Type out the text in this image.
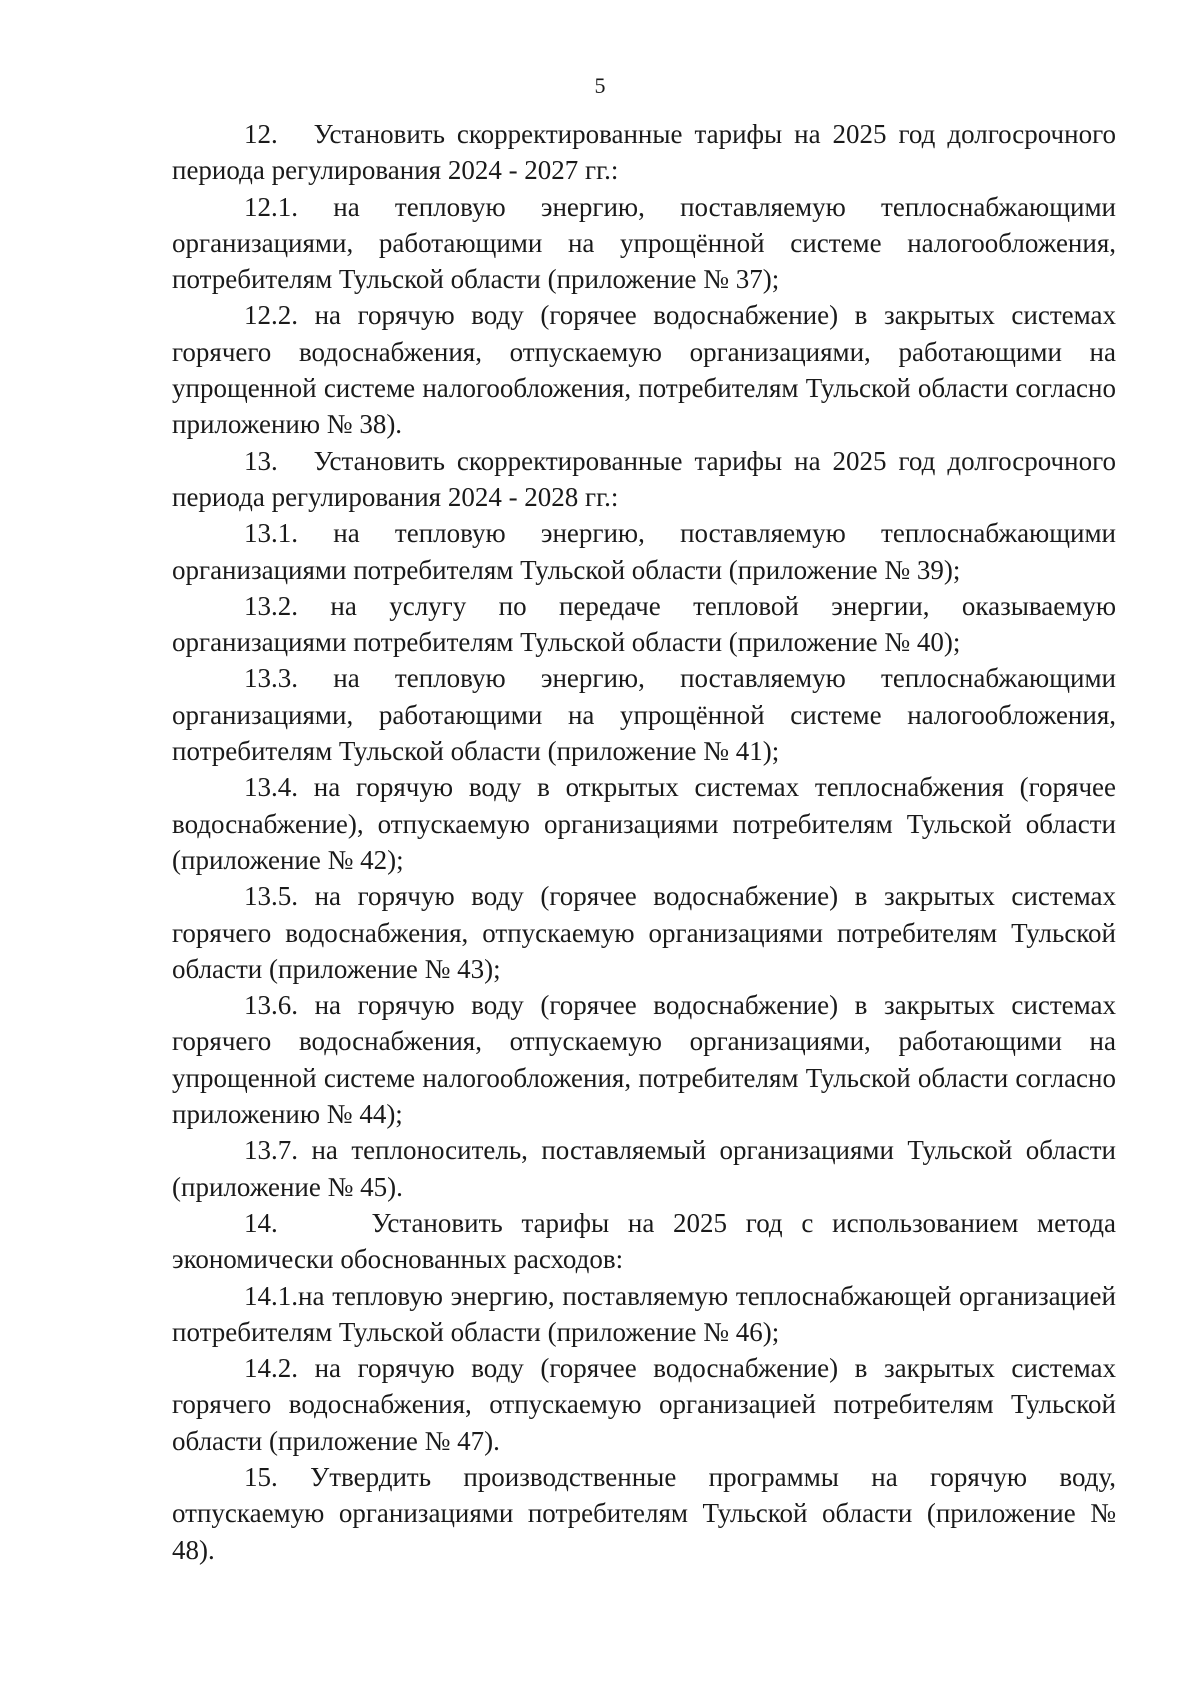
5

12.   Установить скорректированные тарифы на 2025 год долгосрочного периода регулирования 2024 - 2027 гг.:

12.1. на тепловую энергию, поставляемую теплоснабжающими организациями, работающими на упрощённой системе налогообложения, потребителям Тульской области (приложение № 37);

12.2. на горячую воду (горячее водоснабжение) в закрытых системах горячего водоснабжения, отпускаемую организациями, работающими на упрощенной системе налогообложения, потребителям Тульской области согласно приложению № 38).

13.   Установить скорректированные тарифы на 2025 год долгосрочного периода регулирования 2024 - 2028 гг.:

13.1. на тепловую энергию, поставляемую теплоснабжающими организациями потребителям Тульской области (приложение № 39);

13.2. на услугу по передаче тепловой энергии, оказываемую организациями потребителям Тульской области (приложение № 40);

13.3. на тепловую энергию, поставляемую теплоснабжающими организациями, работающими на упрощённой системе налогообложения, потребителям Тульской области (приложение № 41);

13.4. на горячую воду в открытых системах теплоснабжения (горячее водоснабжение), отпускаемую организациями потребителям Тульской области (приложение № 42);

13.5. на горячую воду (горячее водоснабжение) в закрытых системах горячего водоснабжения, отпускаемую организациями потребителям Тульской области (приложение № 43);

13.6. на горячую воду (горячее водоснабжение) в закрытых системах горячего водоснабжения, отпускаемую организациями, работающими на упрощенной системе налогообложения, потребителям Тульской области согласно приложению № 44);

13.7. на теплоноситель, поставляемый организациями Тульской области (приложение № 45).

14.     Установить тарифы на 2025 год с использованием метода экономически обоснованных расходов:

14.1.на тепловую энергию, поставляемую теплоснабжающей организацией потребителям Тульской области (приложение № 46);

14.2. на горячую воду (горячее водоснабжение) в закрытых системах горячего водоснабжения, отпускаемую организацией потребителям Тульской области (приложение № 47).

15. Утвердить производственные программы на горячую воду, отпускаемую организациями потребителям Тульской области (приложение № 48).
